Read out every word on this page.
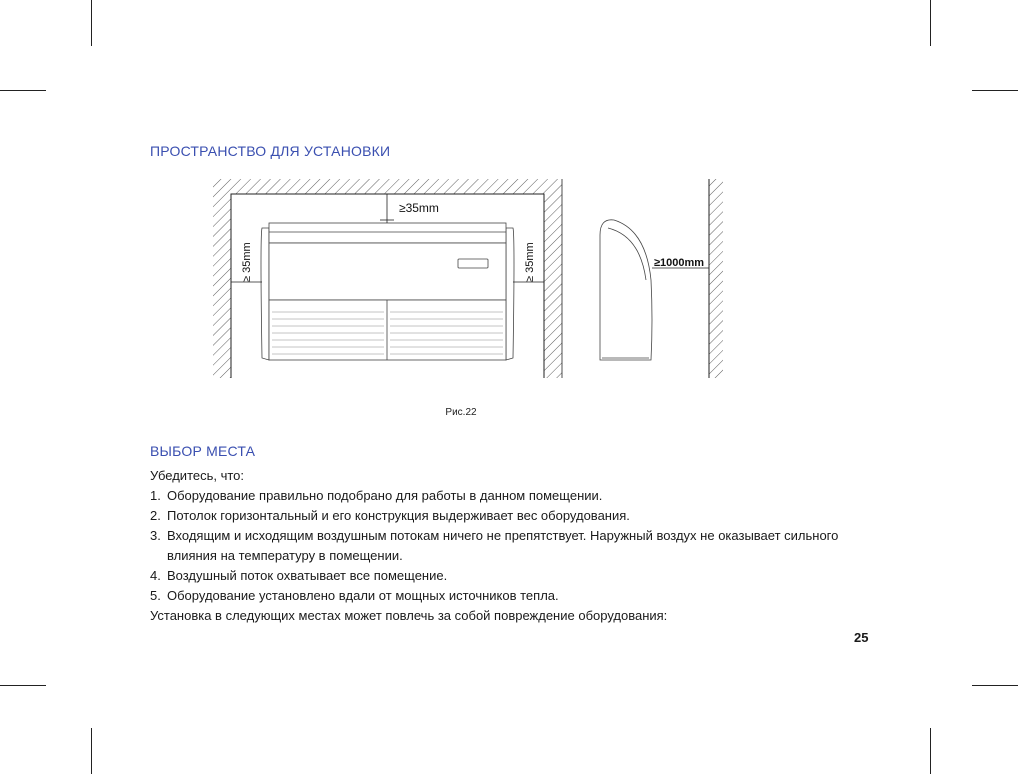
ПРОСТРАНСТВО ДЛЯ УСТАНОВКИ
≥35mm
≥ 35mm	≥ 35mm	≥1000mm
Рис.22
ВЫБОР МЕСТА
Убедитесь, что:
1. Оборудование правильно подобрано для работы в данном помещении.
2. Потолок горизонтальный и его конструкция выдерживает вес оборудования.
3. Входящим и исходящим воздушным потокам ничего не препятствует. Наружный воздух не оказывает сильного влияния на температуру в помещении.
4. Воздушный поток охватывает все помещение.
5. Оборудование установлено вдали от мощных источников тепла.
Установка в следующих местах может повлечь за собой повреждение оборудования:
25
